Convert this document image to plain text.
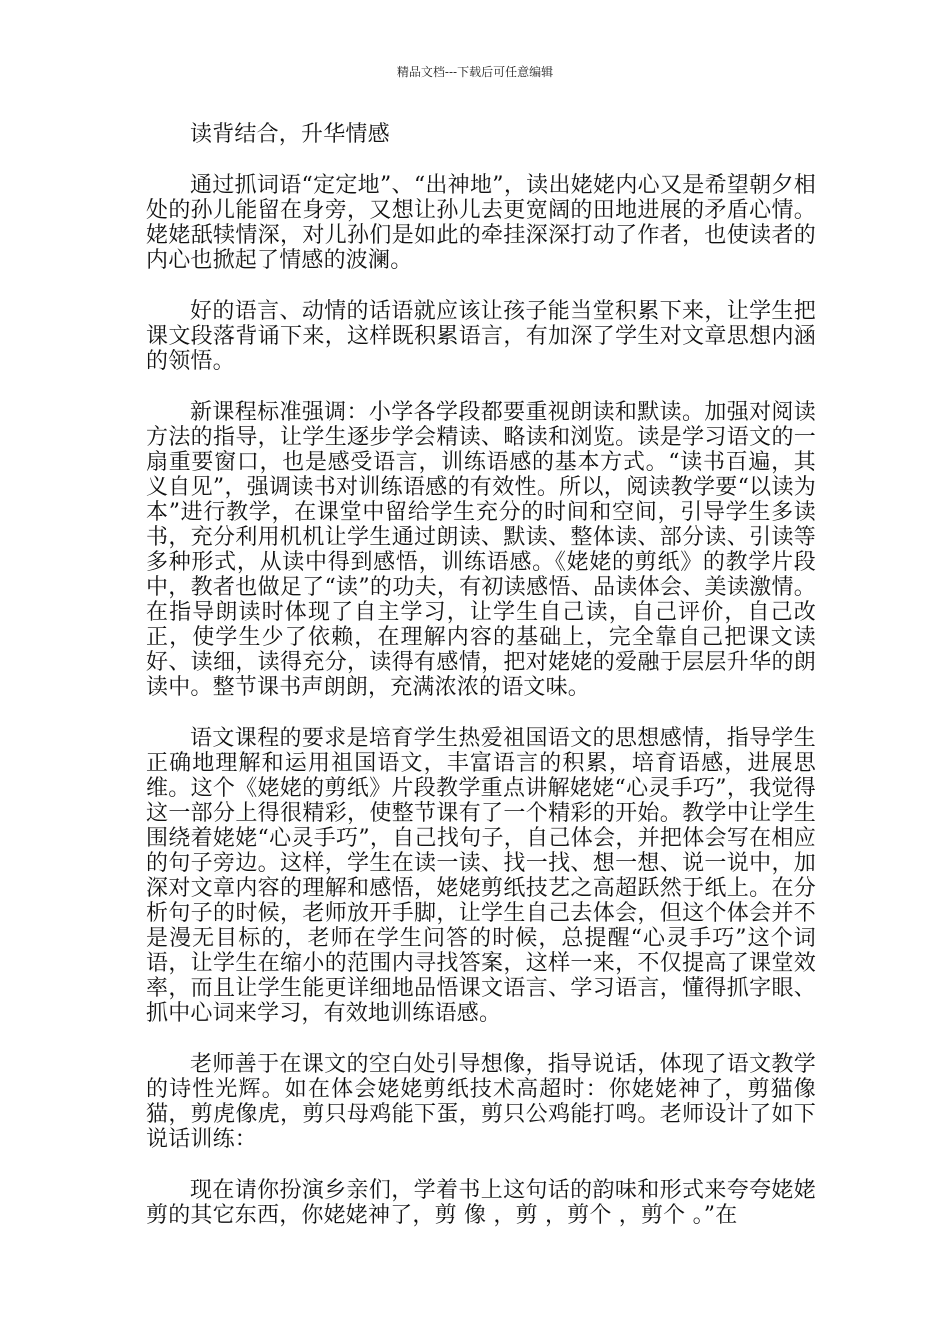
精品文档---下载后可任意编辑

读背结合，升华情感

通过抓词语“定定地”、“出神地”，读出姥姥内心又是希望朝夕相处的孙儿能留在身旁，又想让孙儿去更宽阔的田地进展的矛盾心情。姥姥舐犊情深，对儿孙们是如此的牵挂深深打动了作者，也使读者的内心也掀起了情感的波澜。

好的语言、动情的话语就应该让孩子能当堂积累下来，让学生把课文段落背诵下来，这样既积累语言，有加深了学生对文章思想内涵的领悟。

新课程标准强调：小学各学段都要重视朗读和默读。加强对阅读方法的指导，让学生逐步学会精读、略读和浏览。读是学习语文的一扇重要窗口，也是感受语言，训练语感的基本方式。“读书百遍，其义自见”，强调读书对训练语感的有效性。所以，阅读教学要“以读为本”进行教学，在课堂中留给学生充分的时间和空间，引导学生多读书，充分利用机机让学生通过朗读、默读、整体读、部分读、引读等多种形式，从读中得到感悟，训练语感。《姥姥的剪纸》的教学片段中，教者也做足了“读”的功夫，有初读感悟、品读体会、美读激情。在指导朗读时体现了自主学习，让学生自己读，自己评价，自己改正，使学生少了依赖，在理解内容的基础上，完全靠自己把课文读好、读细，读得充分，读得有感情，把对姥姥的爱融于层层升华的朗读中。整节课书声朗朗，充满浓浓的语文味。

语文课程的要求是培育学生热爱祖国语文的思想感情，指导学生正确地理解和运用祖国语文，丰富语言的积累，培育语感，进展思维。这个《姥姥的剪纸》片段教学重点讲解姥姥“心灵手巧”，我觉得这一部分上得很精彩，使整节课有了一个精彩的开始。教学中让学生围绕着姥姥“心灵手巧”，自己找句子，自己体会，并把体会写在相应的句子旁边。这样，学生在读一读、找一找、想一想、说一说中，加深对文章内容的理解和感悟，姥姥剪纸技艺之高超跃然于纸上。在分析句子的时候，老师放开手脚，让学生自己去体会，但这个体会并不是漫无目标的，老师在学生问答的时候，总提醒“心灵手巧”这个词语，让学生在缩小的范围内寻找答案，这样一来，不仅提高了课堂效率，而且让学生能更详细地品悟课文语言、学习语言，懂得抓字眼、抓中心词来学习，有效地训练语感。

老师善于在课文的空白处引导想像，指导说话，体现了语文教学的诗性光辉。如在体会姥姥剪纸技术高超时：你姥姥神了，剪猫像猫，剪虎像虎，剪只母鸡能下蛋，剪只公鸡能打鸣。老师设计了如下说话训练：

现在请你扮演乡亲们，学着书上这句话的韵味和形式来夸夸姥姥剪的其它东西，你姥姥神了，剪 像 ，剪 ，剪个 ，剪个 。”在
